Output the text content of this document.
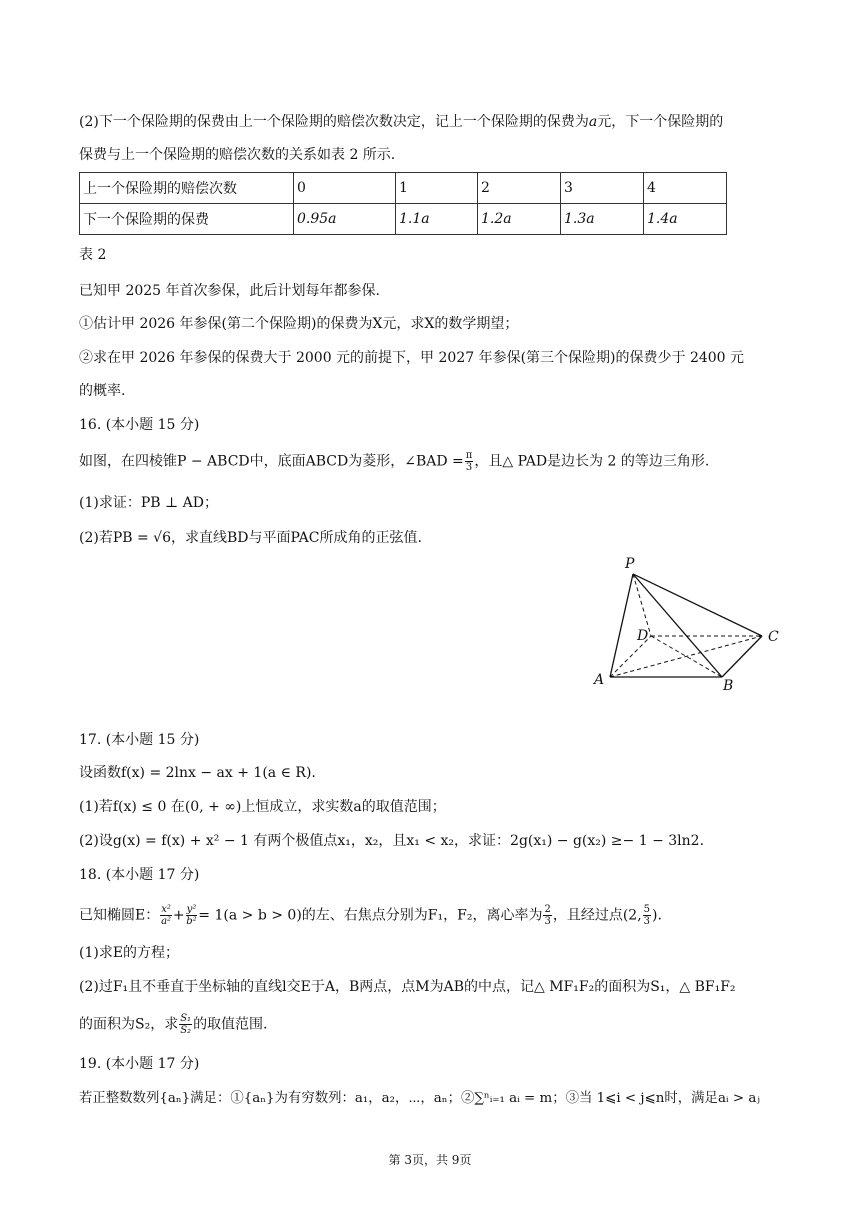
(2)下一个保险期的保费由上一个保险期的赔偿次数决定，记上一个保险期的保费为a元，下一个保险期的
保费与上一个保险期的赔偿次数的关系如表 2 所示.
上一个保险期的赔偿次数	0	1	2	3	4
下一个保险期的保费	0.95a	1.1a	1.2a	1.3a	1.4a
表 2
已知甲 2025 年首次参保，此后计划每年都参保.
①估计甲 2026 年参保(第二个保险期)的保费为X元，求X的数学期望；
②求在甲 2026 年参保的保费大于 2000 元的前提下，甲 2027 年参保(第三个保险期)的保费少于 2400 元
的概率.
16. (本小题 15 分)
如图，在四棱锥P − ABCD中，底面ABCD为菱形，∠BAD = $\frac{\pi}{3}$ ，且△ PAD是边长为 2 的等边三角形.
(1)求证：PB ⊥ AD；
(2)若PB = √6，求直线BD与平面PAC所成角的正弦值.
P
D	C
A	B
17. (本小题 15 分)
设函数f(x) = 2lnx − ax + 1(a ∈ R).
(1)若f(x) ≤ 0 在(0, + ∞)上恒成立，求实数a的取值范围；
(2)设g(x) = f(x) + x² − 1 有两个极值点x₁，x₂，且x₁ < x₂，求证：2g(x₁) − g(x₂) ≥− 1 − 3ln2.
18. (本小题 17 分)
已知椭圆E： $\frac{\text{x²}}{\text{a²}} + \frac{\text{y²}}{\text{b²}} = 1(a > b > 0)$的左、右焦点分别为F₁，F₂，离心率为 $\frac{2}{3}$ ，且经过点(2, $\frac{5}{3}$ ).
(1)求E的方程；
(2)过F₁且不垂直于坐标轴的直线l交E于A，B两点，点M为AB的中点，记△ MF₁F₂的面积为S₁，△ BF₁F₂
的面积为S₂，求 $\frac{\text{S₁}}{\text{S₂}}$ 的取值范围.
19. (本小题 17 分)
若正整数数列{aₙ}满足：①{aₙ}为有穷数列：a₁，a₂，⋯，aₙ；②∑ⁿᵢ₌₁ aᵢ = m；③当 1⩽i < j⩽n时，满足aᵢ > aⱼ
第 3页，共 9页
